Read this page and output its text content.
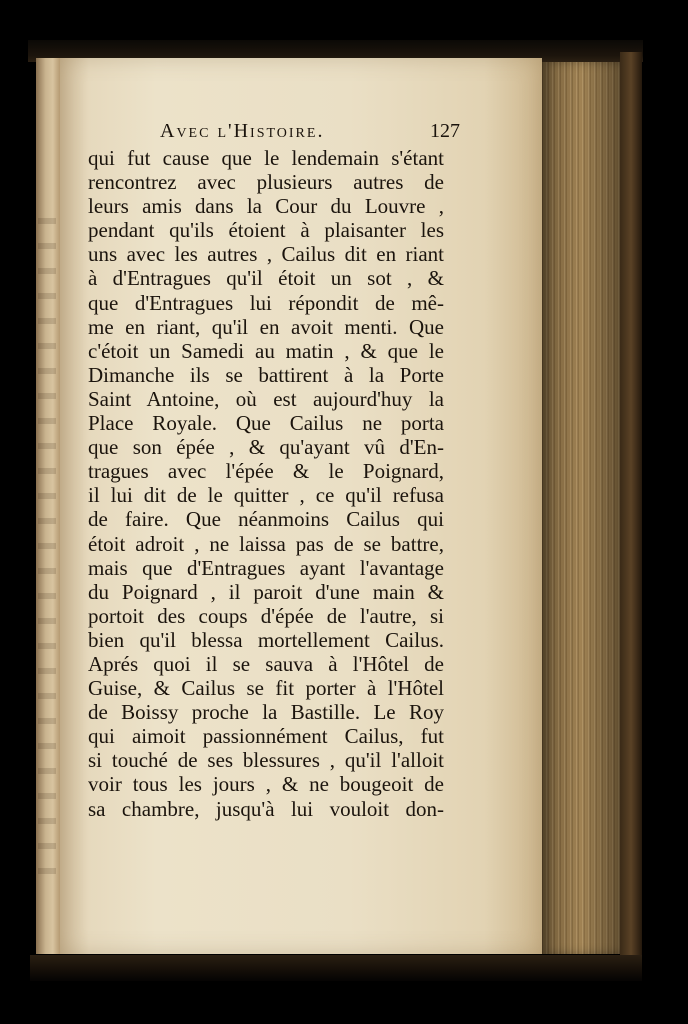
Avec l'Histoire.	127
qui fut cause que le lendemain s'étant
rencontrez avec plusieurs autres de
leurs amis dans la Cour du Louvre ,
pendant qu'ils étoient à plaisanter les
uns avec les autres , Cailus dit en riant
à d'Entragues qu'il étoit un sot , &
que d'Entragues lui répondit de mê-
me en riant, qu'il en avoit menti. Que
c'étoit un Samedi au matin , & que le
Dimanche ils se battirent à la Porte
Saint Antoine, où est aujourd'huy la
Place Royale. Que Cailus ne porta
que son épée , & qu'ayant vû d'En-
tragues avec l'épée & le Poignard,
il lui dit de le quitter , ce qu'il refusa
de faire. Que néanmoins Cailus qui
étoit adroit , ne laissa pas de se battre,
mais que d'Entragues ayant l'avantage
du Poignard , il paroit d'une main &
portoit des coups d'épée de l'autre, si
bien qu'il blessa mortellement Cailus.
Aprés quoi il se sauva à l'Hôtel de
Guise, & Cailus se fit porter à l'Hôtel
de Boissy proche la Bastille. Le Roy
qui aimoit passionnément Cailus, fut
si touché de ses blessures , qu'il l'alloit
voir tous les jours , & ne bougeoit de
sa chambre, jusqu'à lui vouloit don-
